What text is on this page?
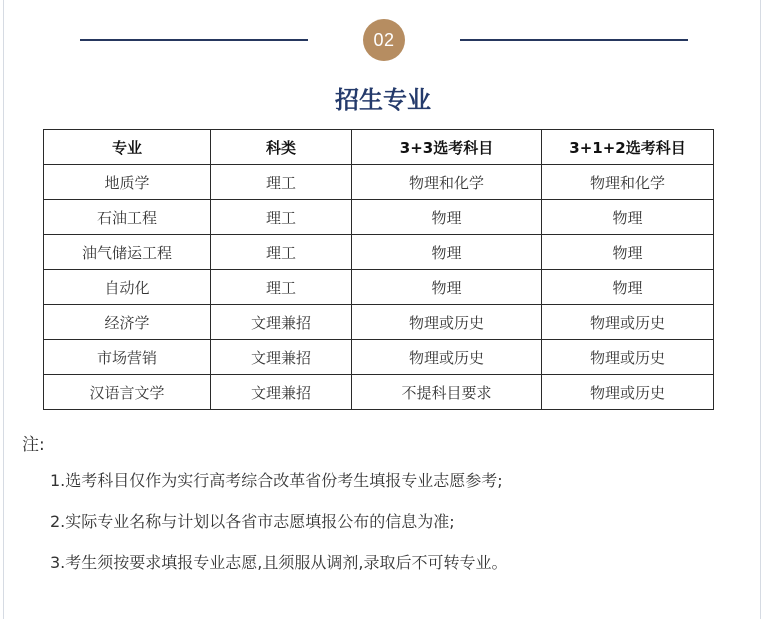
02
招生专业
专业	科类	3+3选考科目	3+1+2选考科目
地质学	理工	物理和化学	物理和化学
石油工程	理工	物理	物理
油气储运工程	理工	物理	物理
自动化	理工	物理	物理
经济学	文理兼招	物理或历史	物理或历史
市场营销	文理兼招	物理或历史	物理或历史
汉语言文学	文理兼招	不提科目要求	物理或历史
注:
1.选考科目仅作为实行高考综合改革省份考生填报专业志愿参考;
2.实际专业名称与计划以各省市志愿填报公布的信息为准;
3.考生须按要求填报专业志愿,且须服从调剂,录取后不可转专业。
